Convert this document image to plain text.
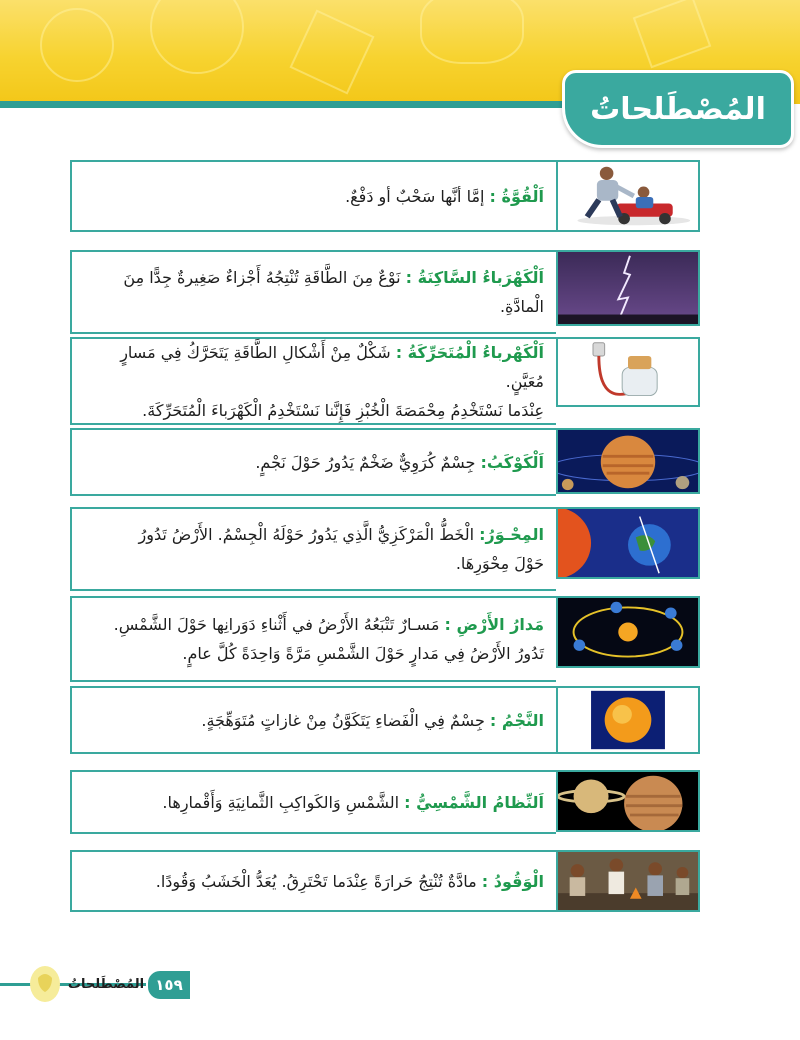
المُصْطَلحاتُ

اَلْقُوَّةُ : إمَّا أنَّها سَحْبٌ أو دَفْعٌ.

اَلْكَهْرَباءُ السَّاكِنَةُ : نَوْعٌ مِنَ الطَّاقَةِ تُنْتِجُهُ أَجْزاءٌ صَغِيرةٌ جِدًّا مِنَ

الْمادَّةِ.

اَلْكَهْرباءُ الْمُتَحَرِّكَةُ : شَكْلٌ مِنْ أَشْكالِ الطَّاقَةِ يَتَحَرَّكُ فِي مَسارٍ مُعَيَّنٍ.

عِنْدَما نَسْتَخْدِمُ مِحْمَصَةَ الْخُبْزِ فَإِنَّنا نَسْتَخْدِمُ الْكَهْرَباءَ الْمُتَحَرِّكَةَ.

اَلْكَوْكَبُ: جِسْمٌ كُرَوِيٌّ ضَخْمٌ يَدُورُ حَوْلَ نَجْمٍ.

المِحْـوَرُ: الْخَطُّ الْمَرْكَزِيُّ الَّذِي يَدُورُ حَوْلَهُ الْجِسْمُ. الأَرْضُ تَدُورُ

حَوْلَ مِحْوَرِهَا.

مَدارُ الأَرْضِ : مَسـارٌ تَتْبَعُهُ الأَرْضُ في أَثْناءِ دَوَرانِها حَوْلَ الشَّمْسِ.

تَدُورُ الأَرْضُ فِي مَدارٍ حَوْلَ الشَّمْسِ مَرَّةً وَاحِدَةً كُلَّ عامٍ.

النَّجْمُ : جِسْمٌ فِي الْفَضاءِ يَتَكَوَّنُ مِنْ غازاتٍ مُتَوَهِّجَةٍ.

اَلنِّظامُ الشَّمْسِيُّ : الشَّمْسِ وَالكَواكِبِ الثَّمانِيَةِ وَأَقْمارِها.

الْوَقُودُ : مادَّةٌ تُنْتِجُ حَرارَةً عِنْدَما تَحْتَرِقُ. يُعَدُّ الْخَشَبُ وَقُودًا.

المُصْطَلحاتُ ١٥٩
